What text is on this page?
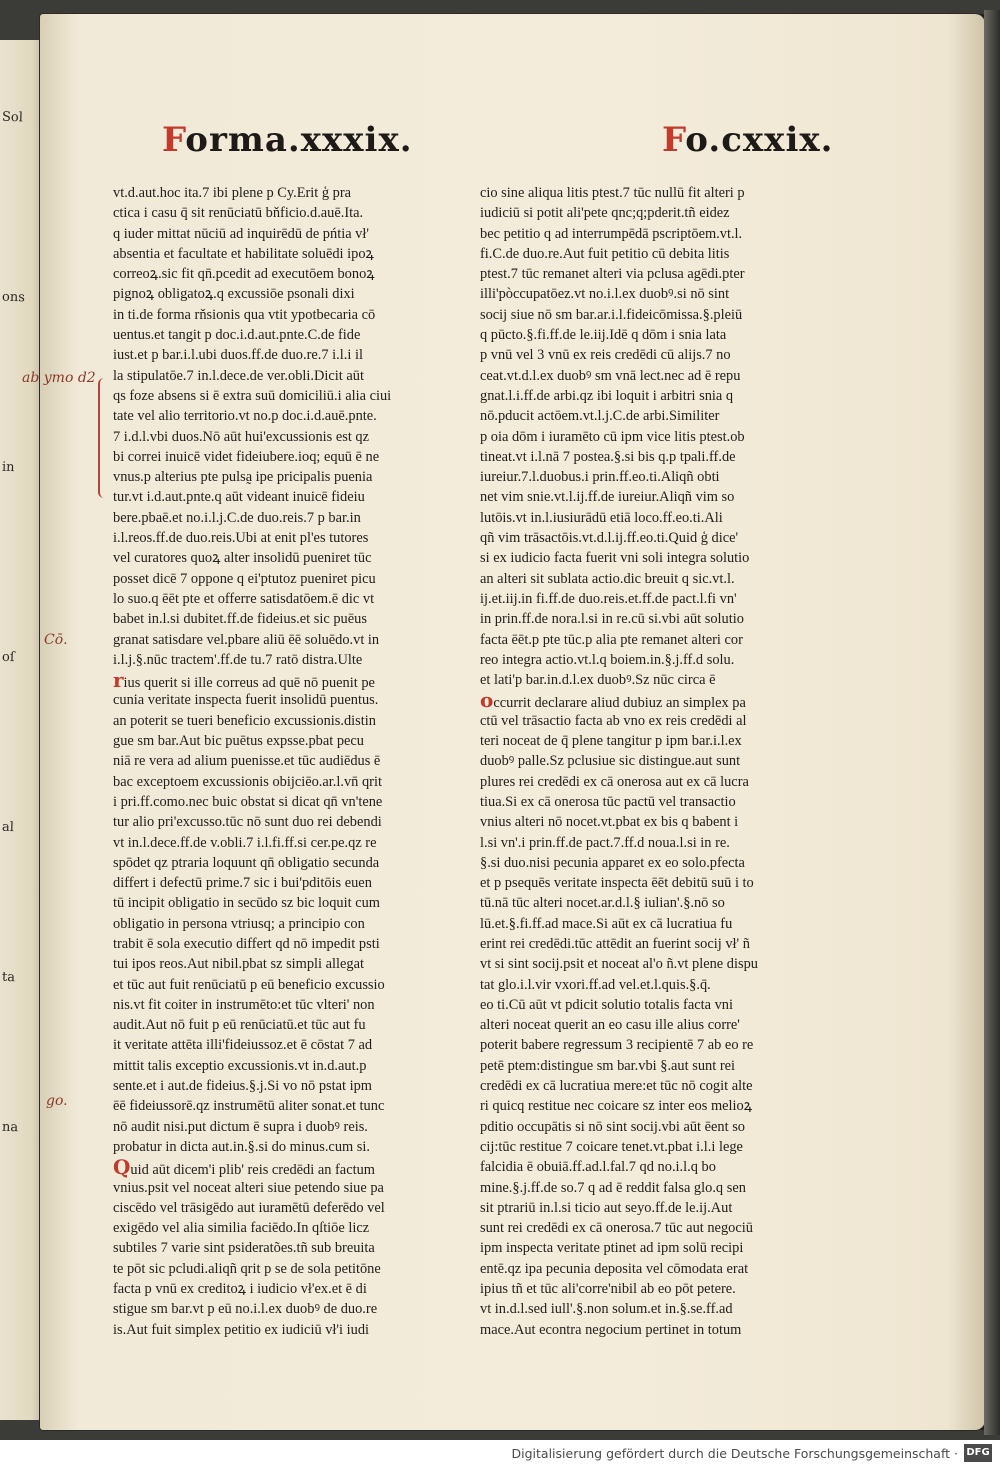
Sol
ons
in
oſ
al
ta
na
Forma.xxxix.	Fo.cxxix.
ab ymo d2
Cō.
go.
vt.d.aut.hoc ita.7 ibi plene p Cy.Erit ģ pra
ctica i casu q̄ sit renūciatū bňficio.d.auē.Ita.
q iuder mittat nūciū ad inquirēdū de pńtia vł'
absentia et facultate et habilitate soluēdi ipoꝝ
correoꝝ.sic fit qn̄.pcedit ad executōem bonoꝝ
pignoꝝ obligatoꝝ.q excussiōe psonali dixi
in ti.de forma rňsionis qua vtit ypotbecaria cō
uentus.et tangit p doc.i.d.aut.pnte.C.de fide
iust.et p bar.i.l.ubi duos.ff.de duo.re.7 i.l.i il
la stipulatōe.7 in.l.dece.de ver.obli.Dicit aūt
qs foze absens si ē extra suū domiciliū.i alia ciui
tate vel alio territorio.vt no.p doc.i.d.auē.pnte.
7 i.d.l.vbi duos.Nō aūt hui'excussionis est qz
bi correi inuicē videt fideiubere.ioq; equū ē ne
vnus.p alterius pte pulsa̰ ipe pricipalis puenia
tur.vt i.d.aut.pnte.q aūt videant inuicē fideiu
bere.pbaē.et no.i.l.j.C.de duo.reis.7 p bar.in
i.l.reos.ff.de duo.reis.Ubi at enit pl'es tutores
vel curatores quoꝝ alter insolidū pueniret tūc
posset dicē 7 oppone q ei'ptutoz pueniret picu
lo suo.q ēēt pte et offerre satisdatōem.ē dic vt
babet in.l.si dubitet.ff.de fideius.et sic puēus
granat satisdare vel.pbare aliū ēē soluēdo.vt in
i.l.j.§.nūc tractem'.ff.de tu.7 ratō distra.Ulte
rius querit si ille correus ad quē nō puenit pe
cunia veritate inspecta fuerit insolidū puentus.
an poterit se tueri beneficio excussionis.distin
gue sm bar.Aut bic puētus expsse.pbat pecu
niā re vera ad alium puenisse.et tūc audiēdus ē
bac exceptoem excussionis obijciēo.ar.l.vn̄ qrit
i pri.ff.como.nec buic obstat si dicat qn̄ vn'tene
tur alio pri'excusso.tūc nō sunt duo rei debendi
vt in.l.dece.ff.de v.obli.7 i.l.fi.ff.si cer.pe.qz re
spōdet qz ptraria loquunt qn̄ obligatio secunda
differt i defectū prime.7 sic i bui'pditōis euen
tū incipit obligatio in secūdo sz bic loquit cum
obligatio in persona vtriusq; a principio con
trabit ē sola executio differt qd nō impedit psti
tui ipos reos.Aut nibil.pbat sz simpli allegat
et tūc aut fuit renūciatū p eū beneficio excussio
nis.vt fit coiter in instrumēto:et tūc vlteri' non
audit.Aut nō fuit p eū renūciatū.et tūc aut fu
it veritate attēta illi'fideiussoz.et ē cōstat 7 ad
mittit talis exceptio excussionis.vt in.d.aut.p
sente.et i aut.de fideius.§.j.Si vo nō pstat ipm
ēē fideiussorē.qz instrumētū aliter sonat.et tunc
nō audit nisi.put dictum ē supra i duobꝰ reis.
probatur in dicta aut.in.§.si do minus.cum si.
Quid aūt dicem'i plib' reis credēdi an factum
vnius.psit vel noceat alteri siue petendo siue pa
ciscēdo vel trāsigēdo aut iuramētū deferēdo vel
exigēdo vel alia similia faciēdo.In qſtiōe licz
subtiles 7 varie sint psideratões.tñ sub breuita
te pōt sic pcludi.aliqñ qrit p se de sola petitōne
facta p vnū ex creditoꝝ i iudicio vł'ex.et ē di
stigue sm bar.vt p eū no.i.l.ex duobꝰ de duo.re
is.Aut fuit simplex petitio ex iudiciū vł'i iudi
cio sine aliqua litis ptest.7 tūc nullū fit alteri p
iudiciū si potit ali'pete qnc;q;pderit.tñ eidez
bec petitio q ad interrumpēdā pscriptōem.vt.l.
fi.C.de duo.re.Aut fuit petitio cū debita litis
ptest.7 tūc remanet alteri via pclusa agēdi.pter
illi'pòccupatōez.vt no.i.l.ex duobꝰ.si nō sint
socij siue nō sm bar.ar.i.l.fideicōmissa.§.pleiū
q pūcto.§.fi.ff.de le.iij.Idē q dōm i snia lata
p vnū vel 3 vnū ex reis credēdi cū alijs.7 no
ceat.vt.d.l.ex duobꝰ sm vnā lect.nec ad ē repu
gnat.l.i.ff.de arbi.qz ibi loquit i arbitri snia q
nō.pducit actōem.vt.l.j.C.de arbi.Similiter
p oia dōm i iuramēto cū ipm vice litis ptest.ob
tineat.vt i.l.nā 7 postea.§.si bis q.p tpali.ff.de
iureiur.7.l.duobus.i prin.ff.eo.ti.Aliqñ obti
net vim snie.vt.l.ij.ff.de iureiur.Aliqñ vim so
lutōis.vt in.l.iusiurādū etiā loco.ff.eo.ti.Ali
qñ vim trāsactōis.vt.d.l.ij.ff.eo.ti.Quid ģ dice'
si ex iudicio facta fuerit vni soli integra solutio
an alteri sit sublata actio.dic breuit q sic.vt.l.
ij.et.iij.in fi.ff.de duo.reis.et.ff.de pact.l.fi vn'
in prin.ff.de nora.l.si in re.cū si.vbi aūt solutio
facta ēēt.p pte tūc.p alia pte remanet alteri cor
reo integra actio.vt.l.q boiem.in.§.j.ff.d solu.
et lati'p bar.in.d.l.ex duobꝰ.Sz nūc circa ē
occurrit declarare aliud dubiuz an simplex pa
ctū vel trāsactio facta ab vno ex reis credēdi al
teri noceat de q̄ plene tangitur p ipm bar.i.l.ex
duobꝰ palle.Sz pclusiue sic distingue.aut sunt
plures rei credēdi ex cā onerosa aut ex cā lucra
tiua.Si ex cā onerosa tūc pactū vel transactio
vnius alteri nō nocet.vt.pbat ex bis q babent i
l.si vn'.i prin.ff.de pact.7.ff.d noua.l.si in re.
§.si duo.nisi pecunia apparet ex eo solo.pfecta
et p psequēs veritate inspecta ēēt debitū suū i to
tū.nā tūc alteri nocet.ar.d.l.§ iulian'.§.nō so
lū.et.§.fi.ff.ad mace.Si aūt ex cā lucratiua fu
erint rei credēdi.tūc attēdit an fuerint socij vł' ñ
vt si sint socij.psit et noceat al'o ñ.vt plene dispu
tat glo.i.l.vir vxori.ff.ad vel.et.l.quis.§.q̄.
eo ti.Cū aūt vt pdicit solutio totalis facta vni
alteri noceat querit an eo casu ille alius corre'
poterit babere regressum 3 recipientē 7 ab eo re
petē ptem:distingue sm bar.vbi §.aut sunt rei
credēdi ex cā lucratiua mere:et tūc nō cogit alte
ri quicq restitue nec coicare sz inter eos melioꝝ
pditio occupātis si nō sint socij.vbi aūt ēent so
cij:tūc restitue 7 coicare tenet.vt.pbat i.l.i lege
falcidia ē obuiā.ff.ad.l.fal.7 qd no.i.l.q bo
mine.§.j.ff.de so.7 q ad ē reddit falsa glo.q sen
sit ptrariū in.l.si ticio aut seyo.ff.de le.ij.Aut
sunt rei credēdi ex cā onerosa.7 tūc aut negociū
ipm inspecta veritate ptinet ad ipm solū recipi
entē.qz ipa pecunia deposita vel cōmodata erat
ipius tñ et tūc ali'corre'nibil ab eo pōt petere.
vt in.d.l.sed iull'.§.non solum.et in.§.se.ff.ad
mace.Aut econtra negocium pertinet in totum
Digitalisierung gefördert durch die Deutsche Forschungsgemeinschaft · DFG
